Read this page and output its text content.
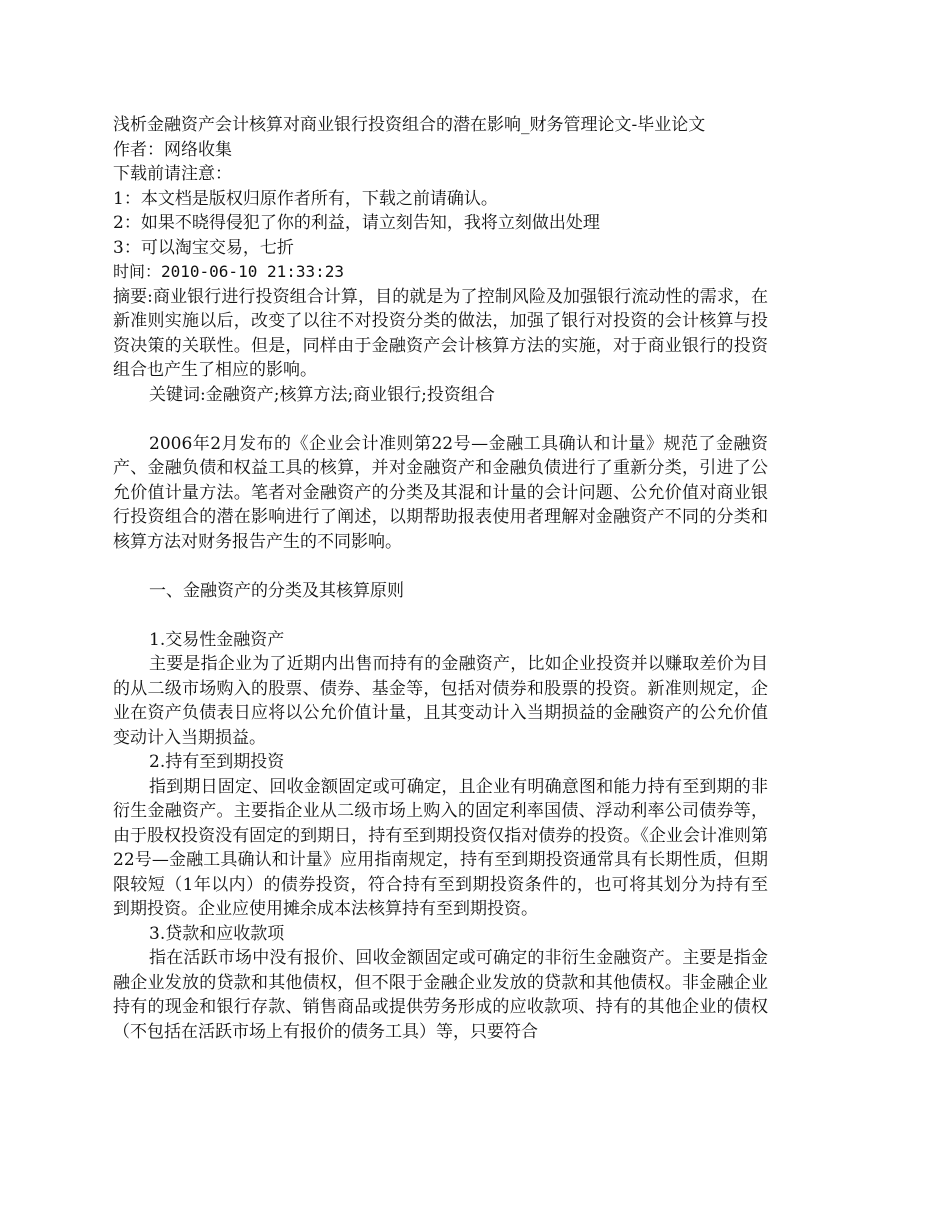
浅析金融资产会计核算对商业银行投资组合的潜在影响_财务管理论文-毕业论文

作者：网络收集

下载前请注意：

1：本文档是版权归原作者所有，下载之前请确认。

2：如果不晓得侵犯了你的利益，请立刻告知，我将立刻做出处理

3：可以淘宝交易，七折

时间：2010-06-10 21:33:23

摘要:商业银行进行投资组合计算，目的就是为了控制风险及加强银行流动性的需求，在新准则实施以后，改变了以往不对投资分类的做法，加强了银行对投资的会计核算与投资决策的关联性。但是，同样由于金融资产会计核算方法的实施，对于商业银行的投资组合也产生了相应的影响。

关键词:金融资产;核算方法;商业银行;投资组合

2006年2月发布的《企业会计准则第22号—金融工具确认和计量》规范了金融资产、金融负债和权益工具的核算，并对金融资产和金融负债进行了重新分类，引进了公允价值计量方法。笔者对金融资产的分类及其混和计量的会计问题、公允价值对商业银行投资组合的潜在影响进行了阐述，以期帮助报表使用者理解对金融资产不同的分类和核算方法对财务报告产生的不同影响。

一、金融资产的分类及其核算原则

1.交易性金融资产

主要是指企业为了近期内出售而持有的金融资产，比如企业投资并以赚取差价为目的从二级市场购入的股票、债券、基金等，包括对债券和股票的投资。新准则规定，企业在资产负债表日应将以公允价值计量，且其变动计入当期损益的金融资产的公允价值变动计入当期损益。

2.持有至到期投资

指到期日固定、回收金额固定或可确定，且企业有明确意图和能力持有至到期的非衍生金融资产。主要指企业从二级市场上购入的固定利率国债、浮动利率公司债券等，由于股权投资没有固定的到期日，持有至到期投资仅指对债券的投资。《企业会计准则第22号—金融工具确认和计量》应用指南规定，持有至到期投资通常具有长期性质，但期限较短（1年以内）的债券投资，符合持有至到期投资条件的，也可将其划分为持有至到期投资。企业应使用摊余成本法核算持有至到期投资。

3.贷款和应收款项

指在活跃市场中没有报价、回收金额固定或可确定的非衍生金融资产。主要是指金融企业发放的贷款和其他债权，但不限于金融企业发放的贷款和其他债权。非金融企业持有的现金和银行存款、销售商品或提供劳务形成的应收款项、持有的其他企业的债权（不包括在活跃市场上有报价的债务工具）等，只要符合
